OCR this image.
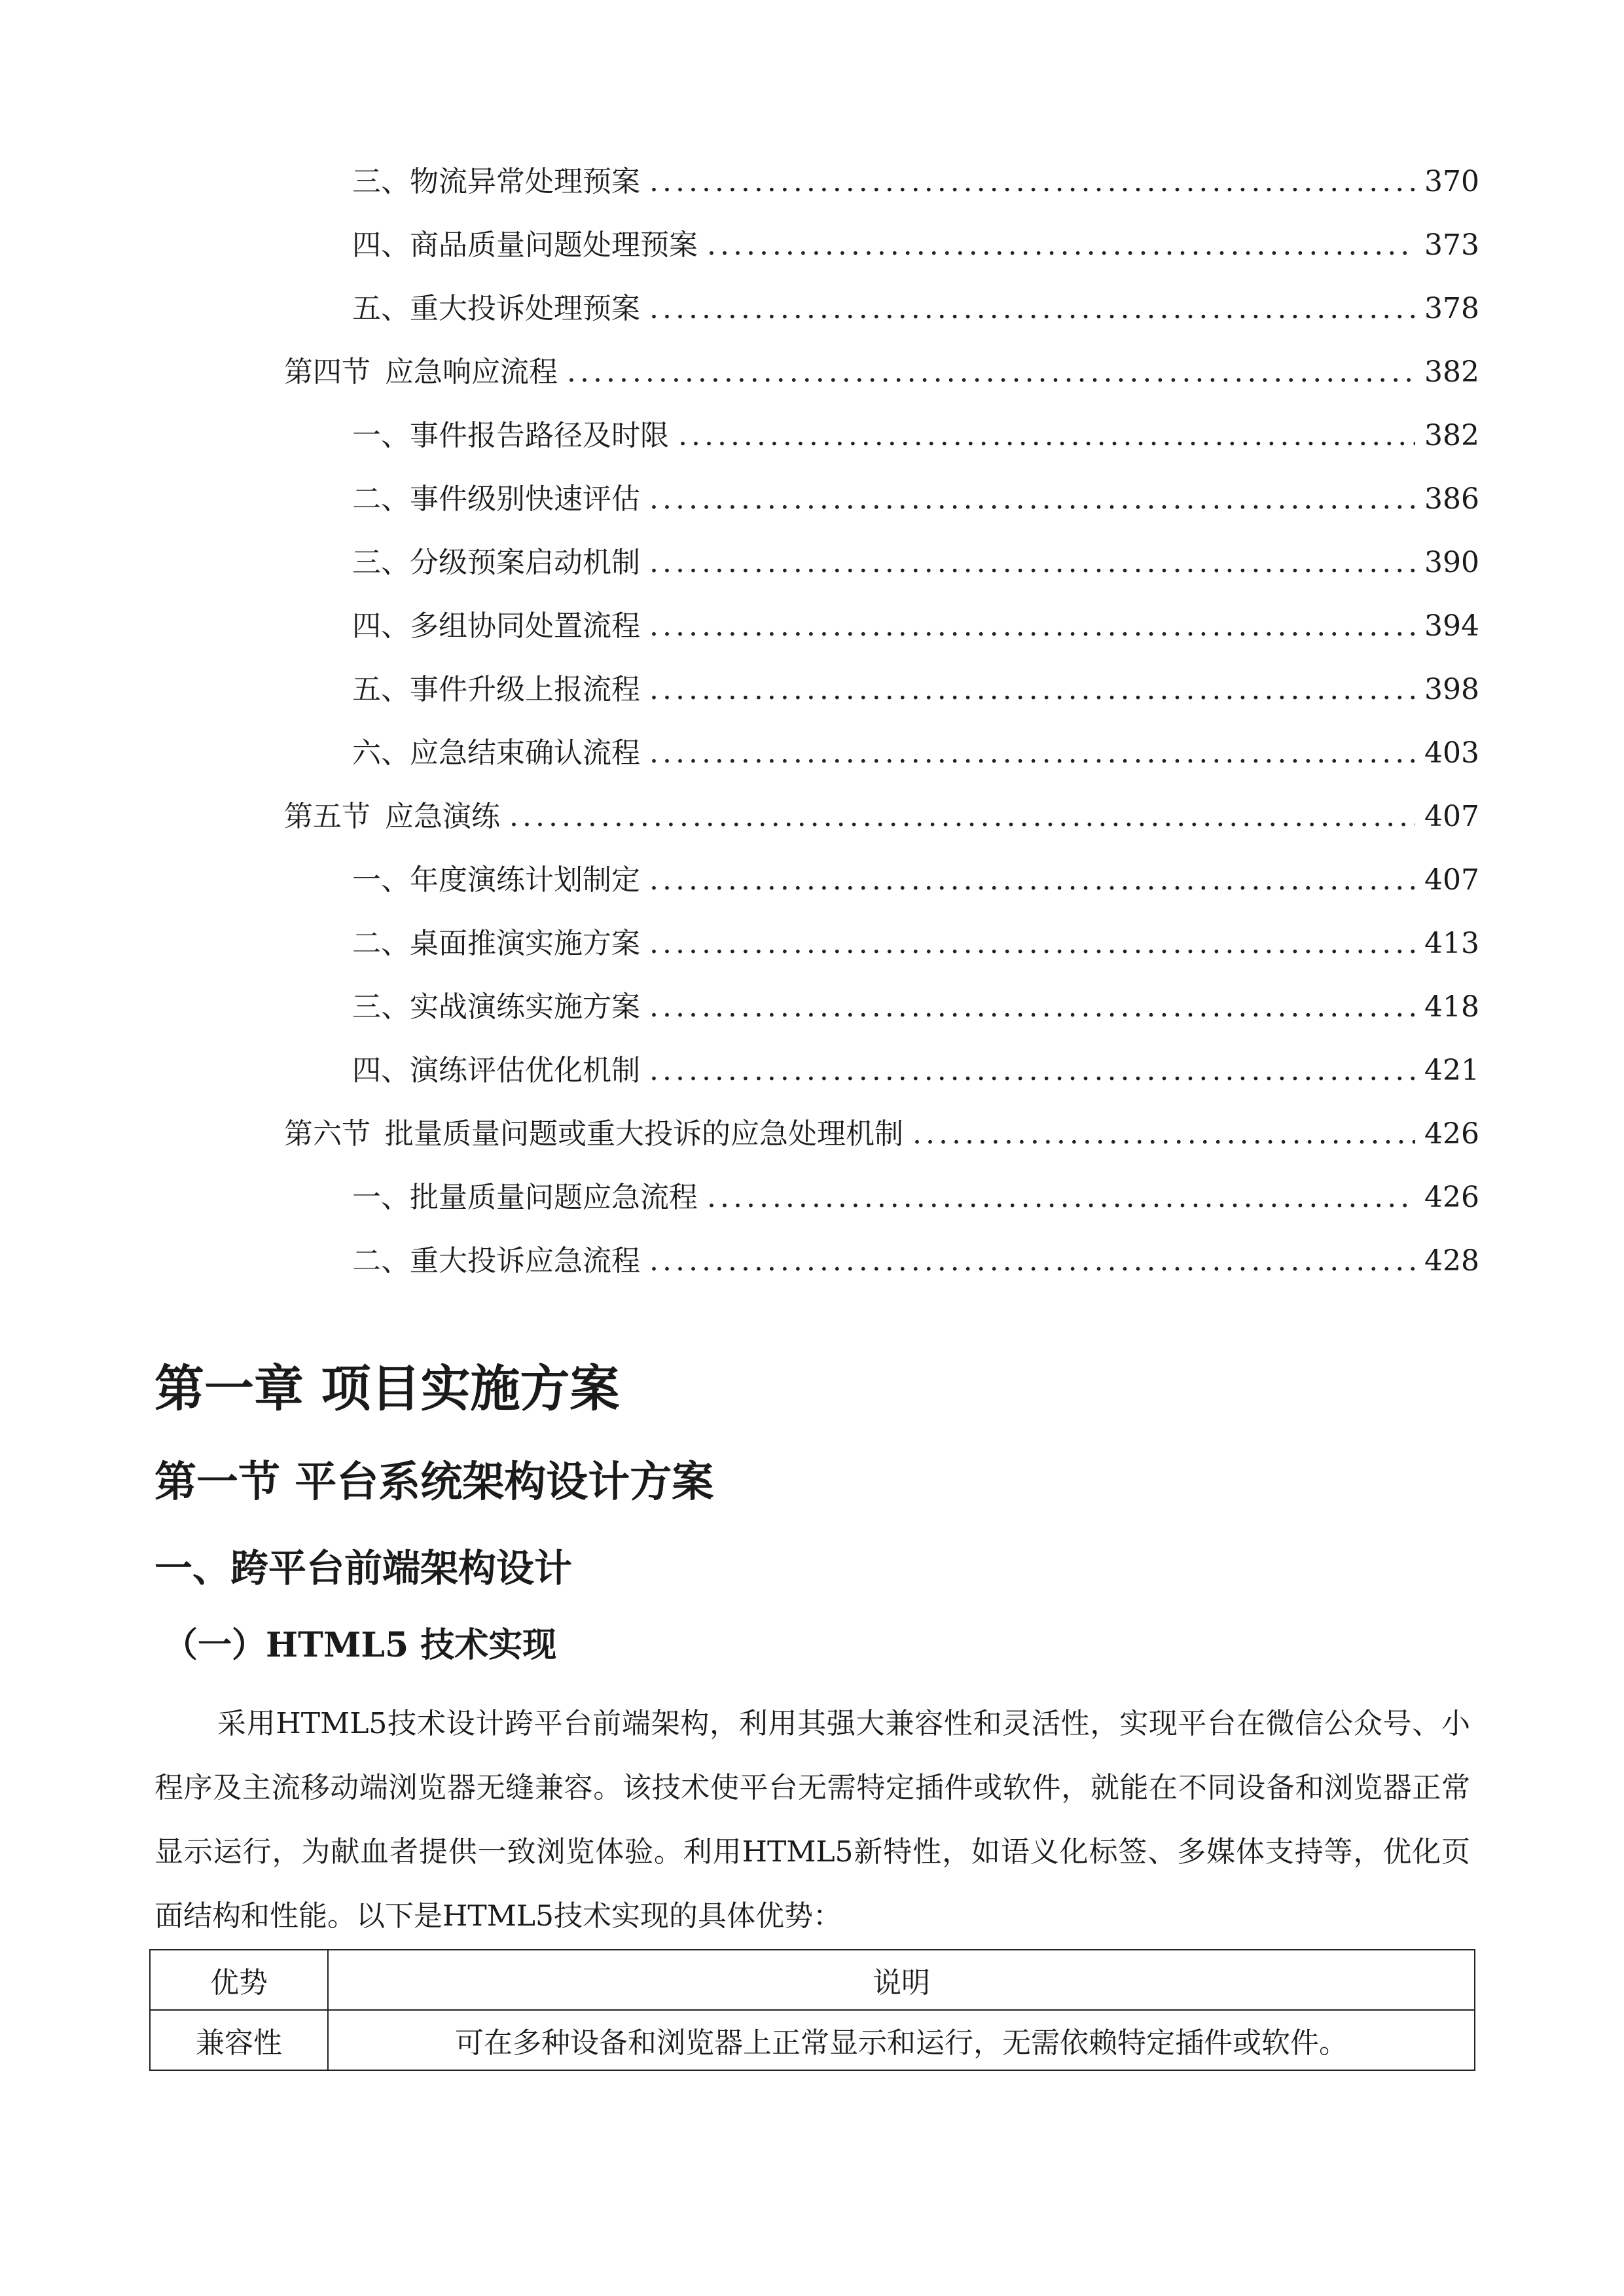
三、 物流异常处理预案 .....	370
四、 商品质量问题处理预案 .....	373
五、 重大投诉处理预案 .....	378
第四节 应急响应流程 .....	382
一、 事件报告路径及时限 .....	382
二、 事件级别快速评估 .....	386
三、 分级预案启动机制 .....	390
四、 多组协同处置流程 .....	394
五、 事件升级上报流程 .....	398
六、 应急结束确认流程 .....	403
第五节 应急演练 .....	407
一、 年度演练计划制定 .....	407
二、 桌面推演实施方案 .....	413
三、 实战演练实施方案 .....	418
四、 演练评估优化机制 .....	421
第六节 批量质量问题或重大投诉的应急处理机制 .....	426
一、 批量质量问题应急流程 .....	426
二、 重大投诉应急流程 .....	428
第一章 项目实施方案
第一节 平台系统架构设计方案
一、跨平台前端架构设计
（一）HTML5 技术实现

采用HTML5技术设计跨平台前端架构，利用其强大兼容性和灵活性，实现平台在微信公众号、小程序及主流移动端浏览器无缝兼容。该技术使平台无需特定插件或软件，就能在不同设备和浏览器正常显示运行，为献血者提供一致浏览体验。利用HTML5新特性，如语义化标签、多媒体支持等，优化页面结构和性能。以下是HTML5技术实现的具体优势：

优势	说明
兼容性	可在多种设备和浏览器上正常显示和运行，无需依赖特定插件或软件。
